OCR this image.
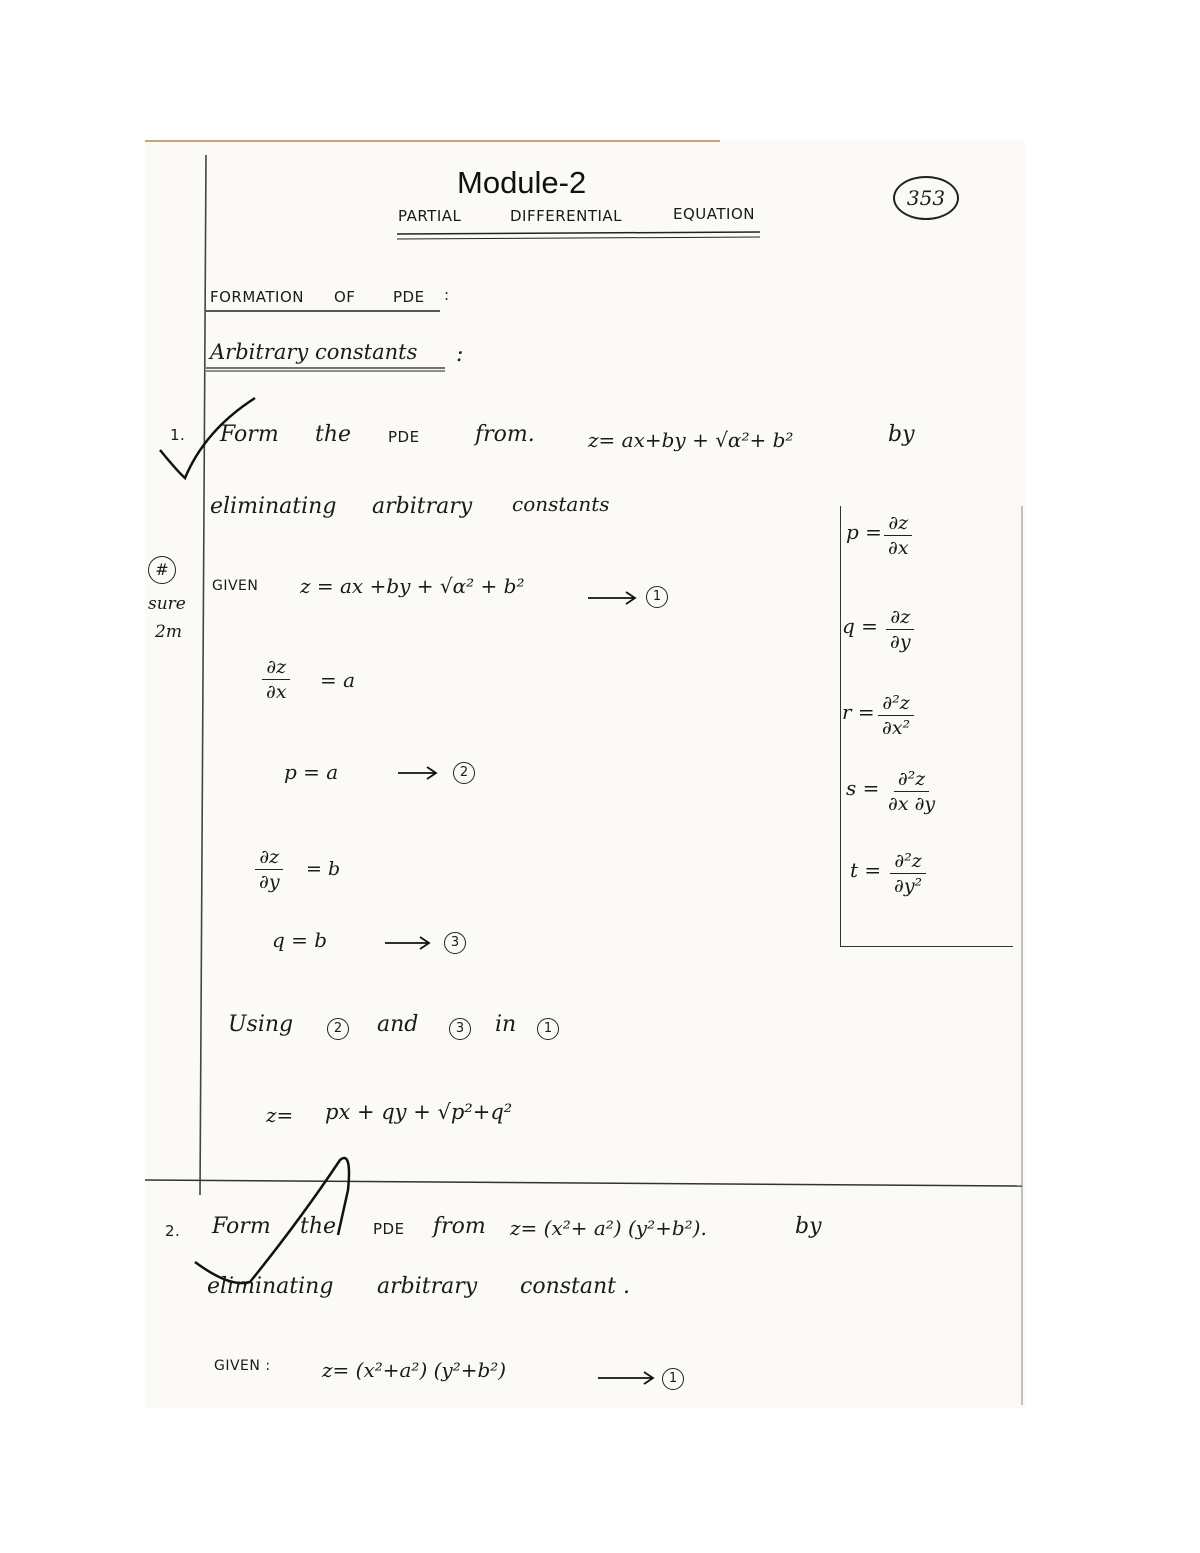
Module-2
PARTIAL	DIFFERENTIAL	EQUATION
353
FORMATION OF	PDE :
Arbitrary constants :
1. Form the PDE	from.	z= ax+by + √α²+ b²	by
eliminating arbitrary constants
#
sure
2m
GIVEN z = ax +by + √α² + b²	1
$\frac{\partial z}{\partial x} = a$
p = a	2
$\frac{\partial z}{\partial y} = b$
q = b	3
Using	2	and	3	in	1
z= px + qy + √p²+q²
$p = \frac{\partial z}{\partial x}$
$q = \frac{\partial z}{\partial y}$
$r = \frac{\text{∂²z}}{\text{∂x²}}$
$s = \frac{\text{∂²z}}{\partial x \partial y}$
$t = \frac{\text{∂²z}}{\text{∂y²}}$
2. Form the PDE from z= (x²+ a²) (y²+b²).	by
eliminating arbitrary constant .
GIVEN :	z= (x²+a²) (y²+b²)	1
